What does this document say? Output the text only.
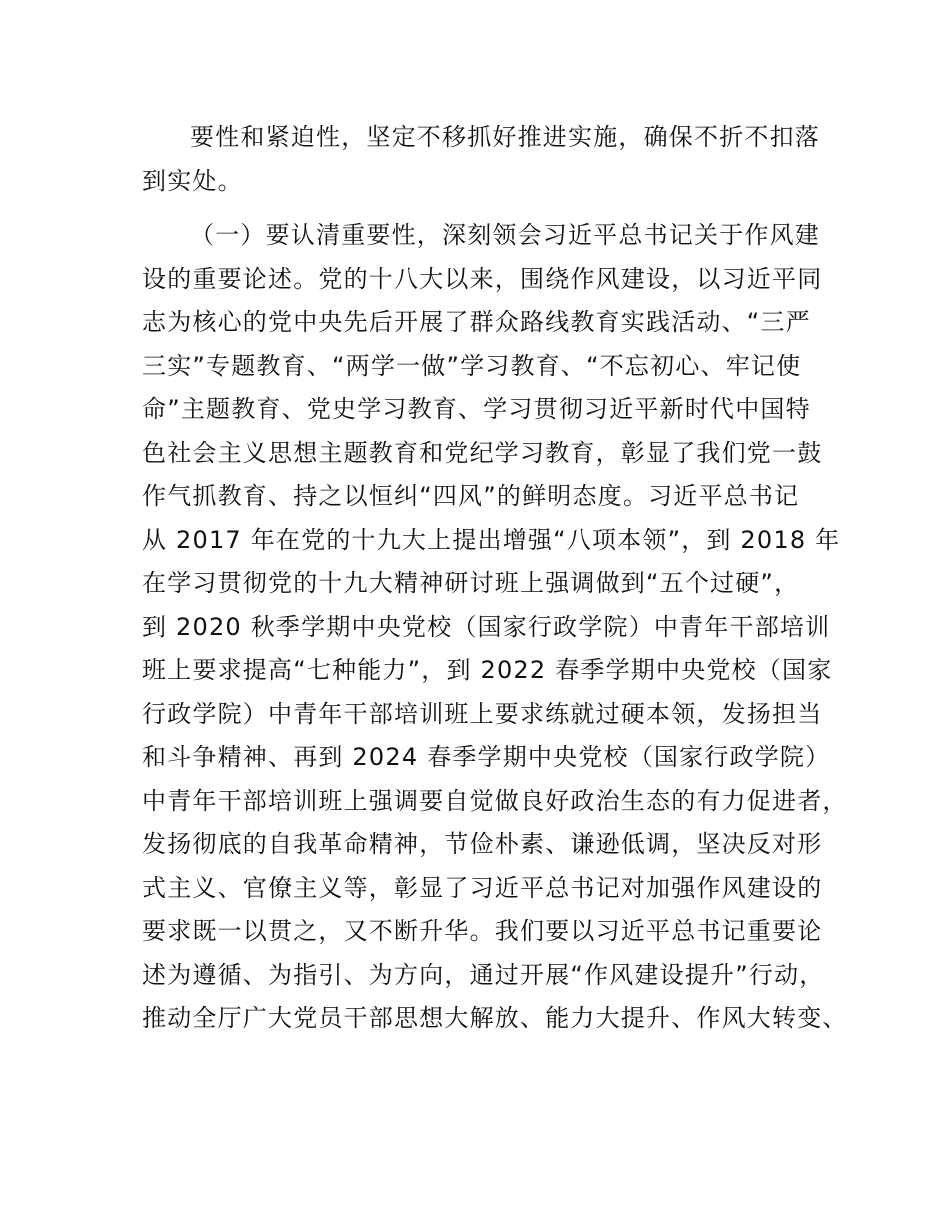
要性和紧迫性，坚定不移抓好推进实施，确保不折不扣落
到实处。
（一）要认清重要性，深刻领会习近平总书记关于作风建
设的重要论述。党的十八大以来，围绕作风建设，以习近平同
志为核心的党中央先后开展了群众路线教育实践活动、“三严
三实”专题教育、“两学一做”学习教育、“不忘初心、牢记使
命”主题教育、党史学习教育、学习贯彻习近平新时代中国特
色社会主义思想主题教育和党纪学习教育，彰显了我们党一鼓
作气抓教育、持之以恒纠“四风”的鲜明态度。习近平总书记
从 2017 年在党的十九大上提出增强“八项本领”，到 2018 年
在学习贯彻党的十九大精神研讨班上强调做到“五个过硬”，
到 2020 秋季学期中央党校（国家行政学院）中青年干部培训
班上要求提高“七种能力”，到 2022 春季学期中央党校（国家
行政学院）中青年干部培训班上要求练就过硬本领，发扬担当
和斗争精神、再到 2024 春季学期中央党校（国家行政学院）
中青年干部培训班上强调要自觉做良好政治生态的有力促进者，
发扬彻底的自我革命精神，节俭朴素、谦逊低调，坚决反对形
式主义、官僚主义等，彰显了习近平总书记对加强作风建设的
要求既一以贯之，又不断升华。我们要以习近平总书记重要论
述为遵循、为指引、为方向，通过开展“作风建设提升”行动，
推动全厅广大党员干部思想大解放、能力大提升、作风大转变、
